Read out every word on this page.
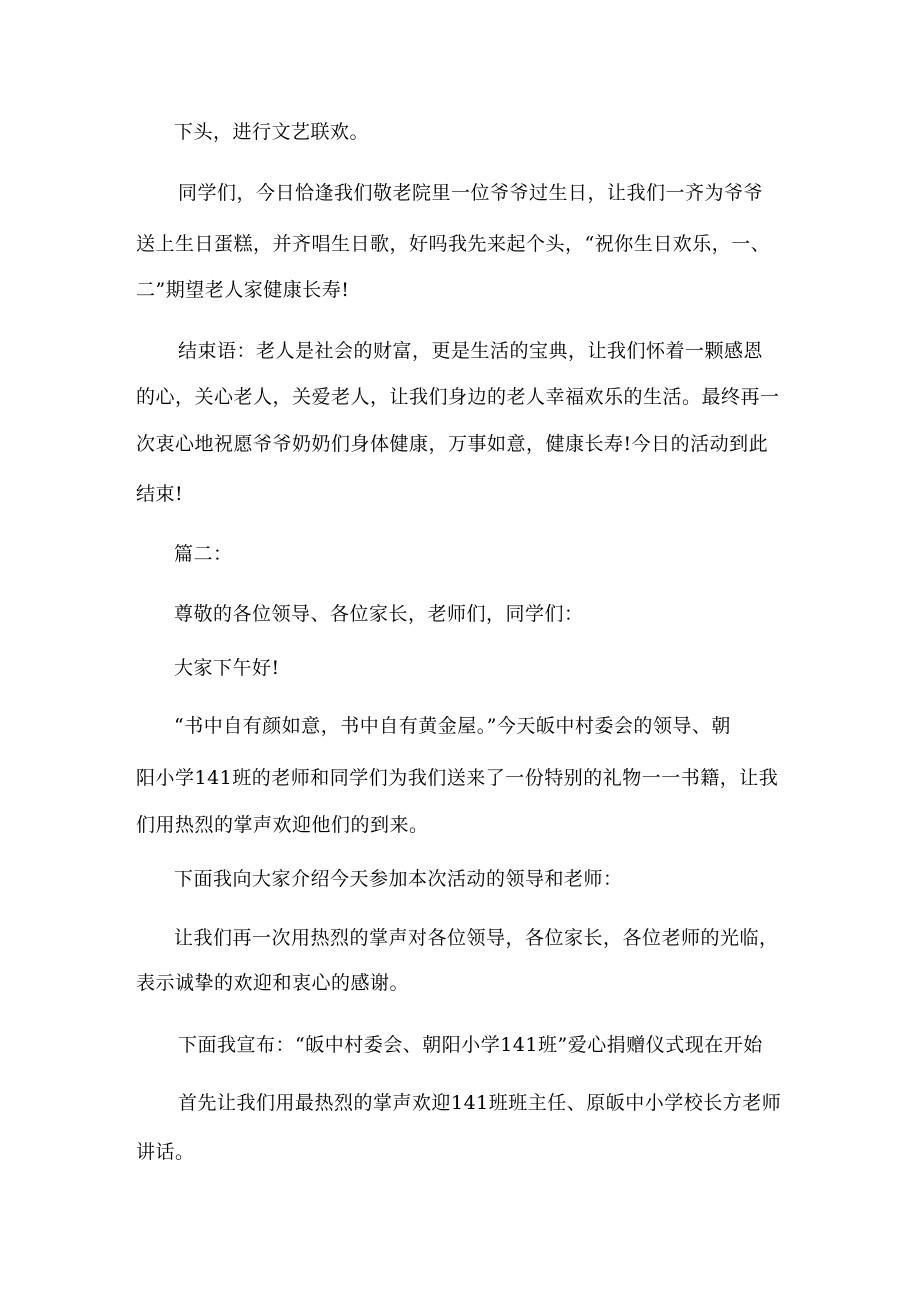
下头，进行文艺联欢。
同学们，今日恰逢我们敬老院里一位爷爷过生日，让我们一齐为爷爷
送上生日蛋糕，并齐唱生日歌，好吗我先来起个头，“祝你生日欢乐，一、
二”期望老人家健康长寿!
结束语：老人是社会的财富，更是生活的宝典，让我们怀着一颗感恩
的心，关心老人，关爱老人，让我们身边的老人幸福欢乐的生活。最终再一
次衷心地祝愿爷爷奶奶们身体健康，万事如意，健康长寿!今日的活动到此
结束!
篇二：
尊敬的各位领导、各位家长，老师们，同学们：
大家下午好!
“书中自有颜如意，书中自有黄金屋。”今天皈中村委会的领导、朝
阳小学141班的老师和同学们为我们送来了一份特别的礼物一一书籍，让我
们用热烈的掌声欢迎他们的到来。
下面我向大家介绍今天参加本次活动的领导和老师：
让我们再一次用热烈的掌声对各位领导，各位家长，各位老师的光临，
表示诚挚的欢迎和衷心的感谢。
下面我宣布：“皈中村委会、朝阳小学141班”爱心捐赠仪式现在开始
首先让我们用最热烈的掌声欢迎141班班主任、原皈中小学校长方老师
讲话。
